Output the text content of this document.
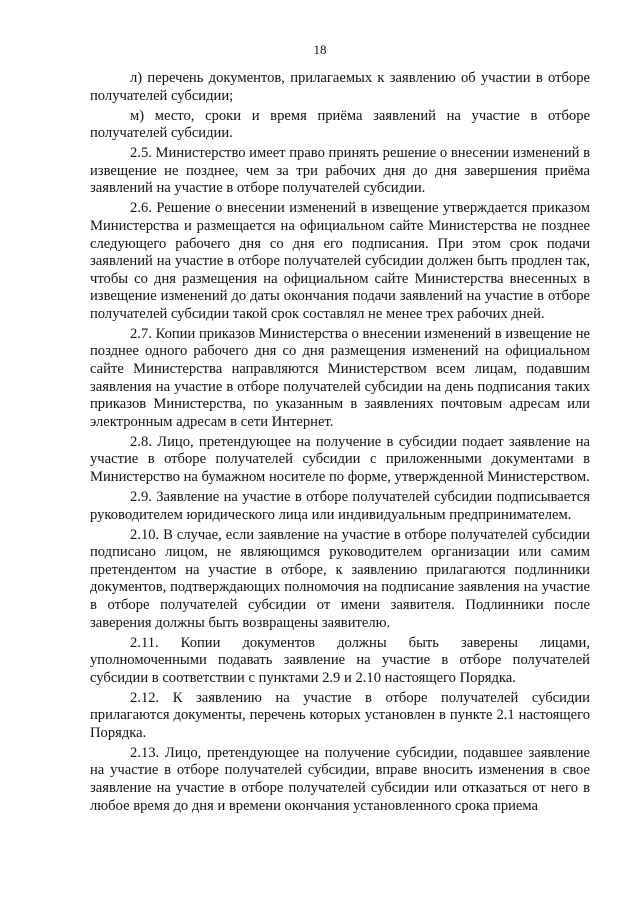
18

л) перечень документов, прилагаемых к заявлению об участии в отборе получателей субсидии;

м) место, сроки и время приёма заявлений на участие в отборе получателей субсидии.

2.5. Министерство имеет право принять решение о внесении изменений в извещение не позднее, чем за три рабочих дня до дня завершения приёма заявлений на участие в отборе получателей субсидии.

2.6. Решение о внесении изменений в извещение утверждается приказом Министерства и размещается на официальном сайте Министерства не позднее следующего рабочего дня со дня его подписания. При этом срок подачи заявлений на участие в отборе получателей субсидии должен быть продлен так, чтобы со дня размещения на официальном сайте Министерства внесенных в извещение изменений до даты окончания подачи заявлений на участие в отборе получателей субсидии такой срок составлял не менее трех рабочих дней.

2.7. Копии приказов Министерства о внесении изменений в извещение не позднее одного рабочего дня со дня размещения изменений на официальном сайте Министерства направляются Министерством всем лицам, подавшим заявления на участие в отборе получателей субсидии на день подписания таких приказов Министерства, по указанным в заявлениях почтовым адресам или электронным адресам в сети Интернет.

2.8. Лицо, претендующее на получение в субсидии подает заявление на участие в отборе получателей субсидии с приложенными документами в Министерство на бумажном носителе по форме, утвержденной Министерством.

2.9. Заявление на участие в отборе получателей субсидии подписывается руководителем юридического лица или индивидуальным предпринимателем.

2.10. В случае, если заявление на участие в отборе получателей субсидии подписано лицом, не являющимся руководителем организации или самим претендентом на участие в отборе, к заявлению прилагаются подлинники документов, подтверждающих полномочия на подписание заявления на участие в отборе получателей субсидии от имени заявителя. Подлинники после заверения должны быть возвращены заявителю.

2.11. Копии документов должны быть заверены лицами, уполномоченными подавать заявление на участие в отборе получателей субсидии в соответствии с пунктами 2.9 и 2.10 настоящего Порядка.

2.12. К заявлению на участие в отборе получателей субсидии прилагаются документы, перечень которых установлен в пункте 2.1 настоящего Порядка.

2.13. Лицо, претендующее на получение субсидии, подавшее заявление на участие в отборе получателей субсидии, вправе вносить изменения в свое заявление на участие в отборе получателей субсидии или отказаться от него в любое время до дня и времени окончания установленного срока приема
